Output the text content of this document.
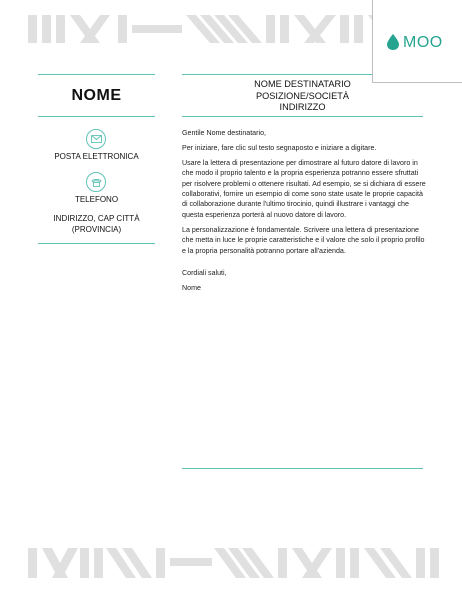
MOO
NOME
POSTA ELETTRONICA
TELEFONO
INDIRIZZO, CAP CITTÀ (PROVINCIA)
NOME DESTINATARIO
POSIZIONE/SOCIETÀ
INDIRIZZO

Gentile Nome destinatario,

Per iniziare, fare clic sul testo segnaposto e iniziare a digitare.

Usare la lettera di presentazione per dimostrare al futuro datore di lavoro in che modo il proprio talento e la propria esperienza potranno essere sfruttati per risolvere problemi o ottenere risultati. Ad esempio, se si dichiara di essere collaborativi, fornire un esempio di come sono state usate le proprie capacità di collaborazione durante l'ultimo tirocinio, quindi illustrare i vantaggi che questa esperienza porterà al nuovo datore di lavoro.

La personalizzazione è fondamentale. Scrivere una lettera di presentazione che metta in luce le proprie caratteristiche e il valore che solo il proprio profilo e la propria personalità potranno portare all'azienda.

Cordiali saluti,

Nome
